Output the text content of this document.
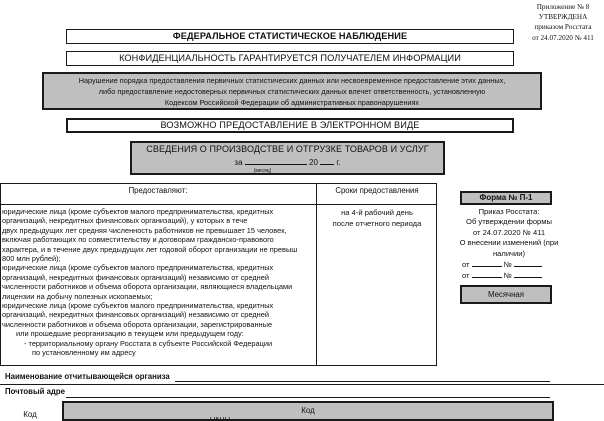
Приложение № 8
УТВЕРЖДЕНА
приказом Росстата
от 24.07.2020 № 411
ФЕДЕРАЛЬНОЕ СТАТИСТИЧЕСКОЕ НАБЛЮДЕНИЕ
КОНФИДЕНЦИАЛЬНОСТЬ ГАРАНТИРУЕТСЯ ПОЛУЧАТЕЛЕМ ИНФОРМАЦИИ
Нарушение порядка предоставления первичных статистических данных или несвоевременное предоставление этих данных,
либо предоставление недостоверных первичных статистических данных влечет ответственность, установленную
Кодексом Российской Федерации об административных правонарушениях
ВОЗМОЖНО ПРЕДОСТАВЛЕНИЕ В ЭЛЕКТРОННОМ ВИДЕ
СВЕДЕНИЯ О ПРОИЗВОДСТВЕ И ОТГРУЗКЕ ТОВАРОВ И УСЛУГ
за	20 г.
(месяц)
Предоставляют:	Сроки предоставления
юридические лица (кроме субъектов малого предпринимательства, кредитных
организаций, некредитных финансовых организаций), у которых в тече
двух предыдущих лет средняя численность работников не превышает 15 человек,
включая работающих по совместительству и договорам гражданско-правового
характера, и в течение двух предыдущих лет годовой оборот организации не превыш
800 млн рублей);
юридические лица (кроме субъектов малого предпринимательства, кредитных
организаций, некредитных финансовых организаций) независимо от средней
численности работников и объема оборота организации, являющиеся владельцами
лицензии на добычу полезных ископаемых;
юридические лица (кроме субъектов малого предпринимательства, кредитных
организаций, некредитных финансовых организаций) независимо от средней
численности работников и объема оборота организации, зарегистрированные
или прошедшие реорганизацию в текущем или предыдущем году:
- территориальному органу Росстата в субъекте Российской Федерации
по установленному им адресу
на 4-й рабочий день
после отчетного периода
Форма № П-1
Приказ Росстата:
Об утверждении формы
от 24.07.2020 № 411
О внесении изменений (при
наличии)
от	№
от	№
Месячная
Наименование отчитывающейся организа
Почтовый адре
Код
Код
ОКПО
